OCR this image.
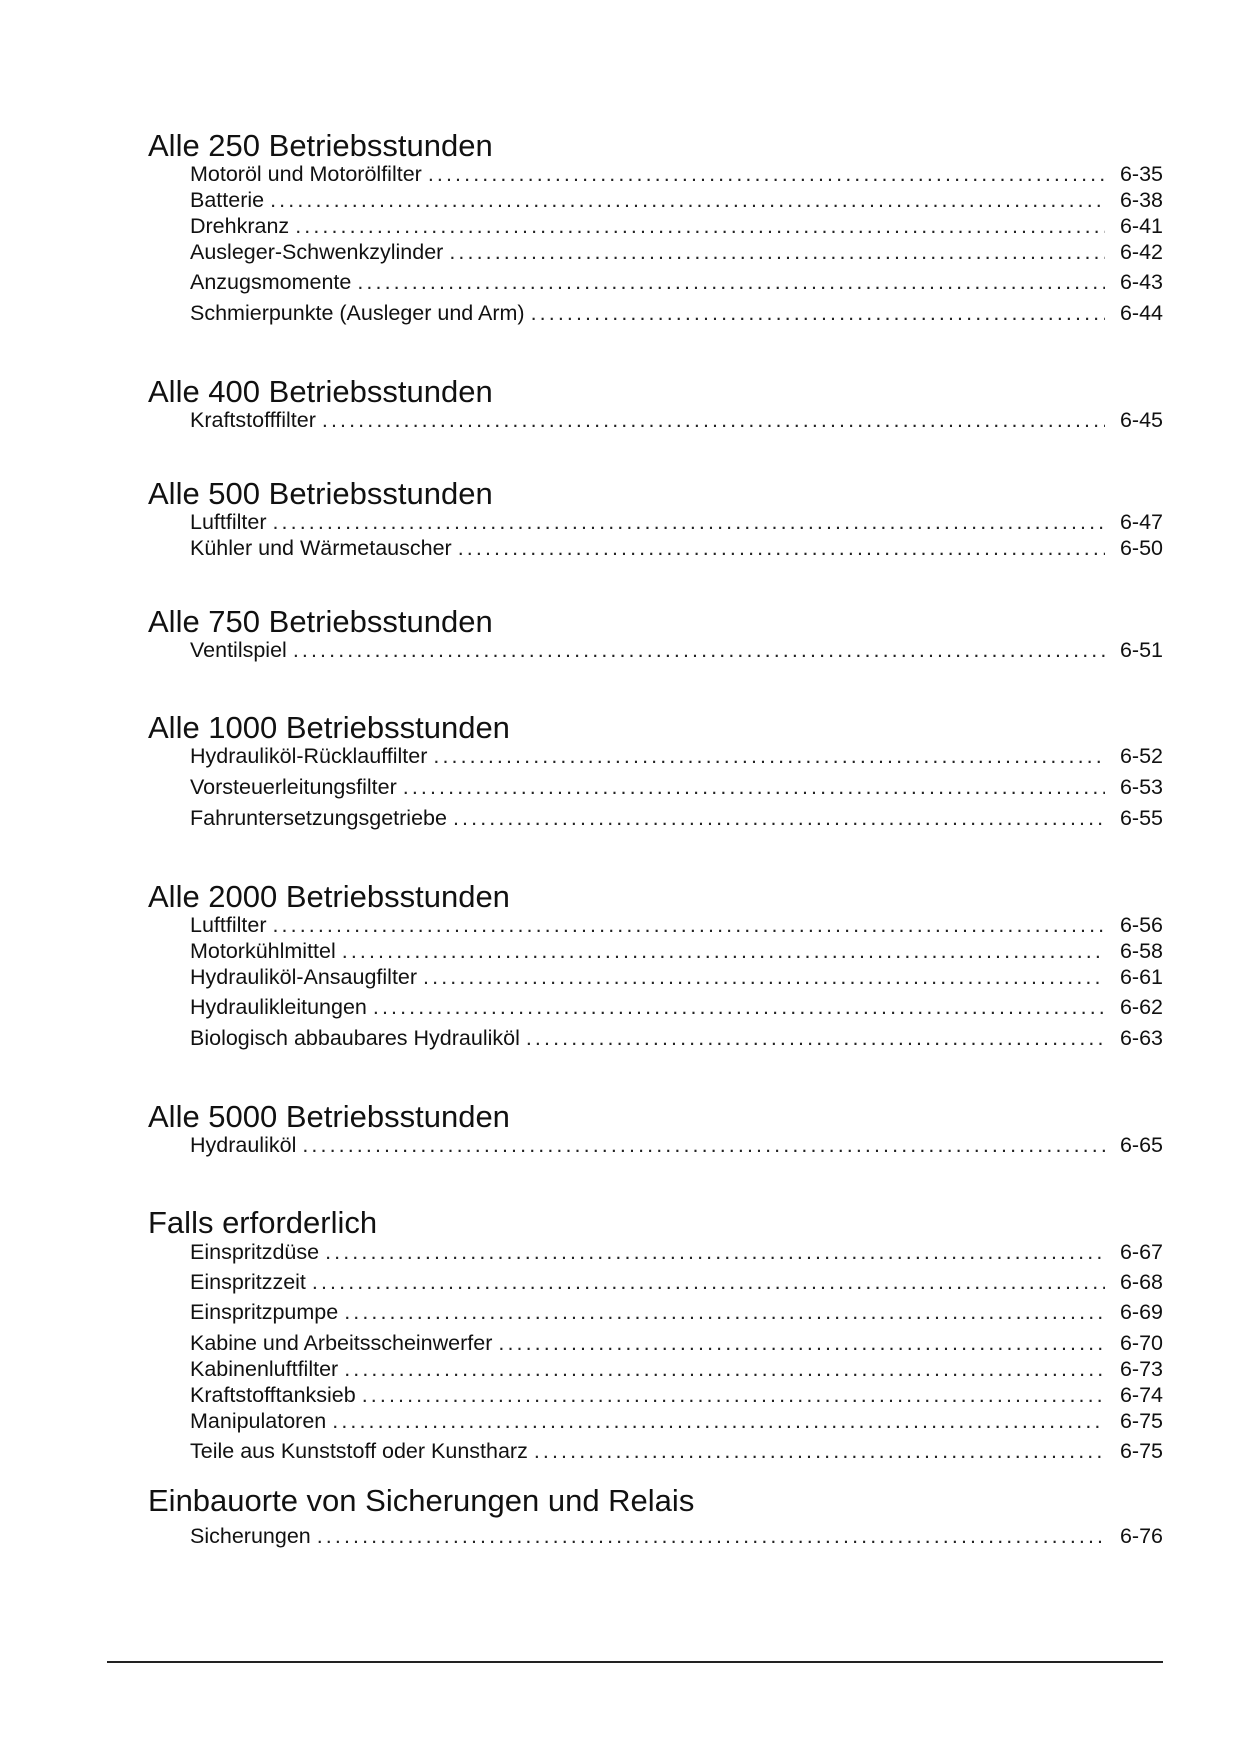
Alle 250 Betriebsstunden
Motoröl und Motorölfilter .....	6-35
Batterie .....	6-38
Drehkranz .....	6-41
Ausleger-Schwenkzylinder .....	6-42
Anzugsmomente .....	6-43
Schmierpunkte (Ausleger und Arm) .....	6-44
Alle 400 Betriebsstunden
Kraftstofffilter .....	6-45
Alle 500 Betriebsstunden
Luftfilter .....	6-47
Kühler und Wärmetauscher .....	6-50
Alle 750 Betriebsstunden
Ventilspiel .....	6-51
Alle 1000 Betriebsstunden
Hydrauliköl-Rücklauffilter .....	6-52
Vorsteuerleitungsfilter .....	6-53
Fahruntersetzungsgetriebe .....	6-55
Alle 2000 Betriebsstunden
Luftfilter .....	6-56
Motorkühlmittel .....	6-58
Hydrauliköl-Ansaugfilter .....	6-61
Hydraulikleitungen .....	6-62
Biologisch abbaubares Hydrauliköl .....	6-63
Alle 5000 Betriebsstunden
Hydrauliköl .....	6-65
Falls erforderlich
Einspritzdüse .....	6-67
Einspritzzeit .....	6-68
Einspritzpumpe .....	6-69
Kabine und Arbeitsscheinwerfer .....	6-70
Kabinenluftfilter .....	6-73
Kraftstofftanksieb .....	6-74
Manipulatoren .....	6-75
Teile aus Kunststoff oder Kunstharz .....	6-75
Einbauorte von Sicherungen und Relais
Sicherungen .....	6-76
